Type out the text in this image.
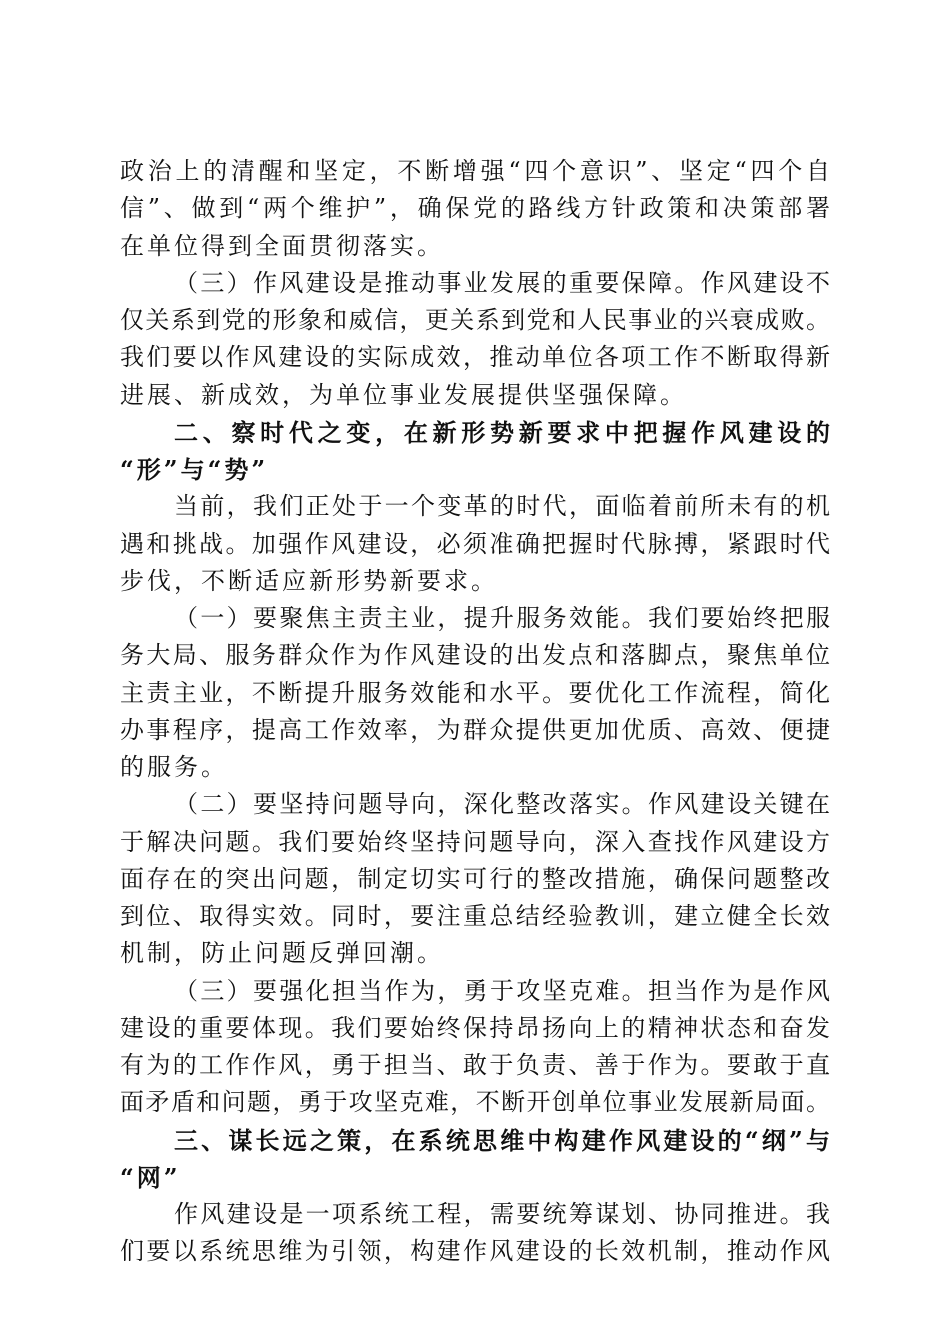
政治上的清醒和坚定，不断增强“四个意识”、坚定“四个自
信”、做到“两个维护”，确保党的路线方针政策和决策部署
在单位得到全面贯彻落实。
（三）作风建设是推动事业发展的重要保障。作风建设不
仅关系到党的形象和威信，更关系到党和人民事业的兴衰成败。
我们要以作风建设的实际成效，推动单位各项工作不断取得新
进展、新成效，为单位事业发展提供坚强保障。
二、察时代之变，在新形势新要求中把握作风建设的
“形”与“势”
当前，我们正处于一个变革的时代，面临着前所未有的机
遇和挑战。加强作风建设，必须准确把握时代脉搏，紧跟时代
步伐，不断适应新形势新要求。
（一）要聚焦主责主业，提升服务效能。我们要始终把服
务大局、服务群众作为作风建设的出发点和落脚点，聚焦单位
主责主业，不断提升服务效能和水平。要优化工作流程，简化
办事程序，提高工作效率，为群众提供更加优质、高效、便捷
的服务。
（二）要坚持问题导向，深化整改落实。作风建设关键在
于解决问题。我们要始终坚持问题导向，深入查找作风建设方
面存在的突出问题，制定切实可行的整改措施，确保问题整改
到位、取得实效。同时，要注重总结经验教训，建立健全长效
机制，防止问题反弹回潮。
（三）要强化担当作为，勇于攻坚克难。担当作为是作风
建设的重要体现。我们要始终保持昂扬向上的精神状态和奋发
有为的工作作风，勇于担当、敢于负责、善于作为。要敢于直
面矛盾和问题，勇于攻坚克难，不断开创单位事业发展新局面。
三、谋长远之策，在系统思维中构建作风建设的“纲”与
“网”
作风建设是一项系统工程，需要统筹谋划、协同推进。我
们要以系统思维为引领，构建作风建设的长效机制，推动作风
